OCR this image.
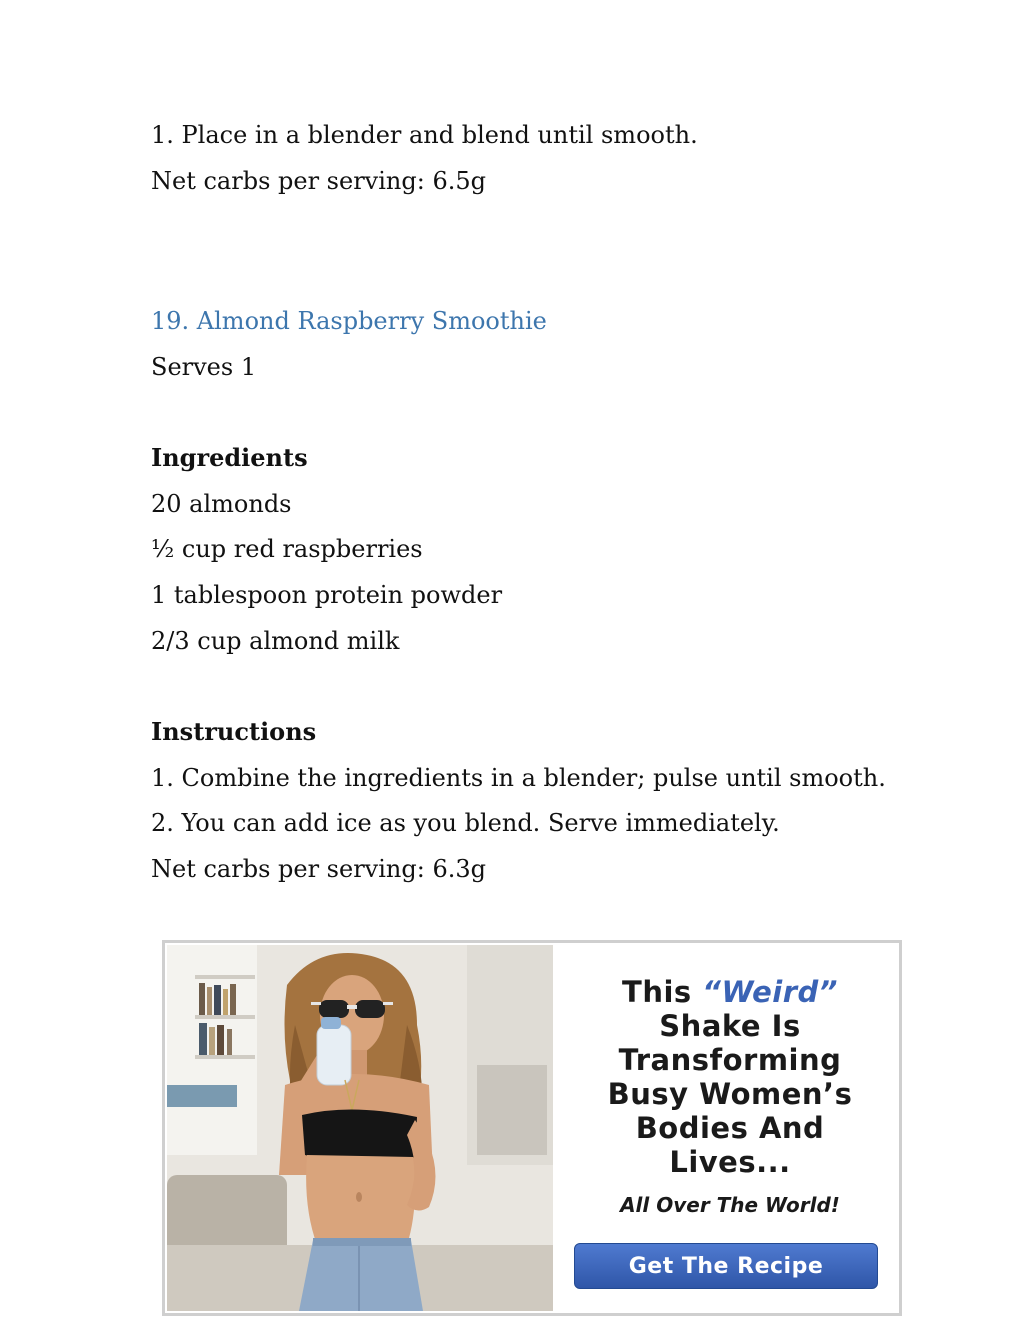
1. Place in a blender and blend until smooth.
Net carbs per serving: 6.5g
19. Almond Raspberry Smoothie
Serves 1
Ingredients
20 almonds
½ cup red raspberries
1 tablespoon protein powder
2/3 cup almond milk
Instructions
1. Combine the ingredients in a blender; pulse until smooth.
2. You can add ice as you blend. Serve immediately.
Net carbs per serving: 6.3g
This “Weird”
Shake Is
Transforming
Busy Women’s
Bodies And
Lives...
All Over The World!
Get The Recipe
